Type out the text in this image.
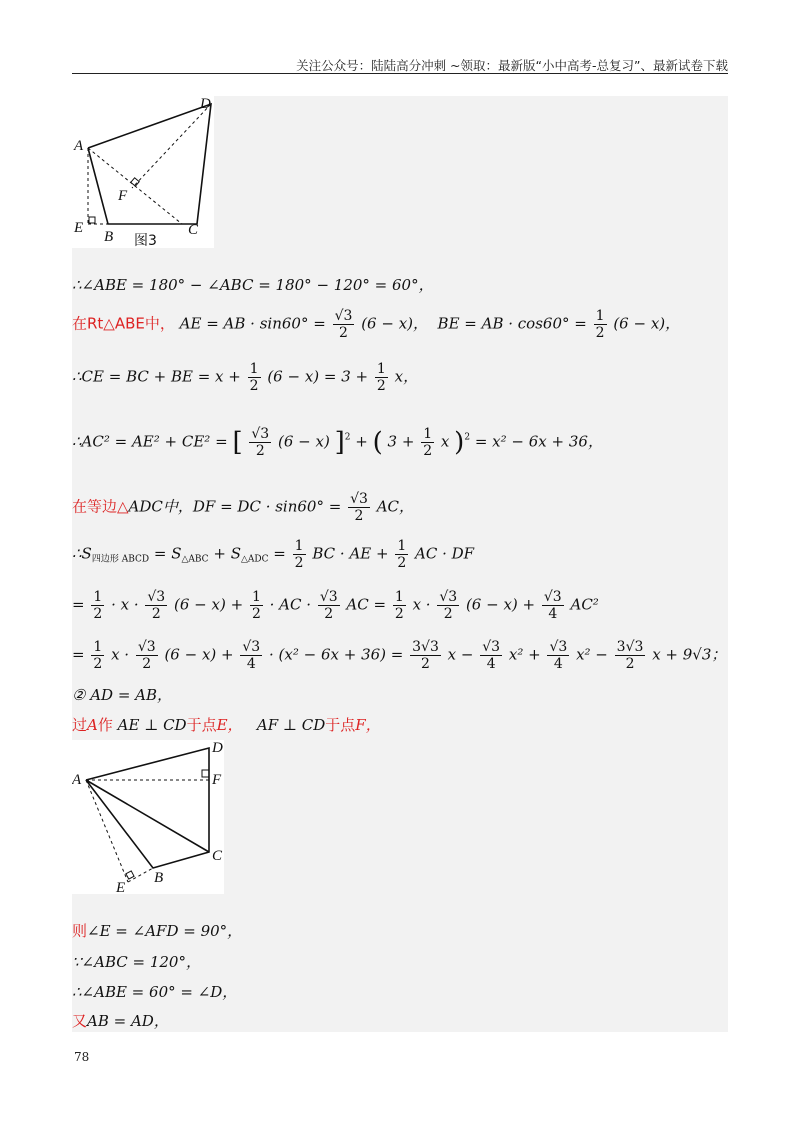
关注公众号：陆陆高分冲刺 ~领取：最新版“小中高考-总复习”、最新试卷下载
A
D
F
E
B	C
图3
∴∠ABE = 180° − ∠ABC = 180° − 120° = 60°，
在Rt△ABE中， AE = AB · $\sin 60^\circ = \frac{√3}{2} (6 - x)$， BE = AB · $\cos 60^\circ = \frac{1}{2} (6 - x)$，
∴CE = BC + BE = $x + \frac{1}{2} (6 - x) = 3 + \frac{1}{2}$ x，
∴AC² = AE² + CE² = [ $\frac{√3}{2} (6 - x) ]^2$ + ( $3 + \frac{1}{2}$ x )$^2$ = x² − 6x + 36，
在等边△ADC中，DF = DC · $\sin 60^\circ = \frac{√3}{2}$ AC，
$\therefore S_{四边形 ABCD} = S_{\triangle ABC} + S_{\triangle ADC} = \frac{1}{2}$ BC · AE + $\frac{1}{2}$ AC · DF
= $\frac{1}{2} \cdot x \cdot \frac{√3}{2} (6 - x) + \frac{1}{2}$ · AC · $\frac{√3}{2}$ AC = $\frac{1}{2}$ $x \cdot \frac{√3}{2} (6 - x) + \frac{√3}{4} AC^2$
= $\frac{1}{2}$ $x \cdot \frac{√3}{2} (6 - x) + \frac{√3}{4} \cdot (x^2 - 6x + 36) = \frac{3√3}{2}$ $x - \frac{√3}{4} x^2 + \frac{√3}{4} x^2 - \frac{3√3}{2}$ x + 9√3；
② AD = AB，
过A作 AE ⊥ CD于点E， AF ⊥ CD于点F，
A
D
F
C
B
E
则∠E = ∠AFD = 90°，
∵∠ABC = 120°，
∴∠ABE = 60° = ∠D，
又AB = AD，
78
